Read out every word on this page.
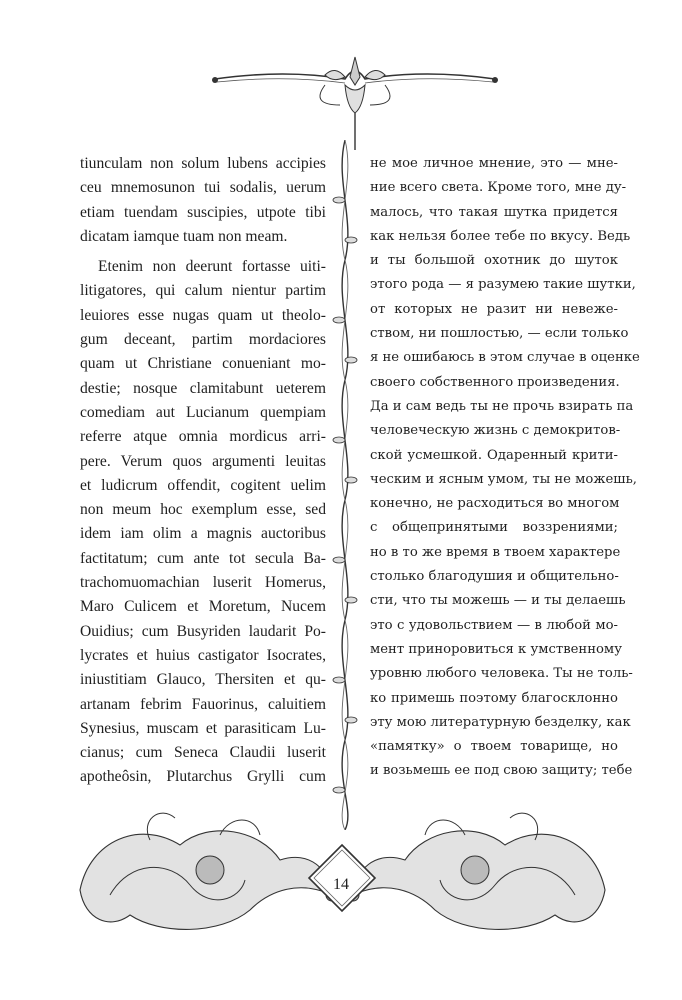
tiunculam non solum lubens accipies
ceu mnemosunon tui sodalis, uerum
etiam tuendam suscipies, utpote tibi
dicatam iamque tuam non meam.
Etenim non deerunt fortasse uiti-
litigatores, qui calum nientur partim
leuiores esse nugas quam ut theolo-
gum deceant, partim mordaciores
quam ut Christiane conueniant mo-
destie; nosque clamitabunt ueterem
comediam aut Lucianum quempiam
referre atque omnia mordicus arri-
pere. Verum quos argumenti leuitas
et ludicrum offendit, cogitent uelim
non meum hoc exemplum esse, sed
idem iam olim a magnis auctoribus
factitatum; cum ante tot secula Ba-
trachomuomachian luserit Homerus,
Maro Culicem et Moretum, Nucem
Ouidius; cum Busyriden laudarit Po-
lycrates et huius castigator Isocrates,
iniustitiam Glauco, Thersiten et qu-
artanam febrim Fauorinus, caluitiem
Synesius, muscam et parasiticam Lu-
cianus; cum Seneca Claudii luserit
apotheôsin, Plutarchus Grylli cum
не мое личное мнение, это — мне-
ние всего света. Кроме того, мне ду-
малось, что такая шутка придется
как нельзя более тебе по вкусу. Ведь
и ты большой охотник до шуток
этого рода — я разумею такие шутки,
от которых не разит ни невеже-
ством, ни пошлостью, — если только
я не ошибаюсь в этом случае в оценке
своего собственного произведения.
Да и сам ведь ты не прочь взирать па
человеческую жизнь с демокритов-
ской усмешкой. Одаренный крити-
ческим и ясным умом, ты не можешь,
конечно, не расходиться во многом
с общепринятыми воззрениями;
но в то же время в твоем характере
столько благодушия и общительно-
сти, что ты можешь — и ты делаешь
это с удовольствием — в любой мо-
мент приноровиться к умственному
уровню любого человека. Ты не толь-
ко примешь поэтому благосклонно
эту мою литературную безделку, как
«памятку» о твоем товарище, но
и возьмешь ее под свою защиту; тебе
14
